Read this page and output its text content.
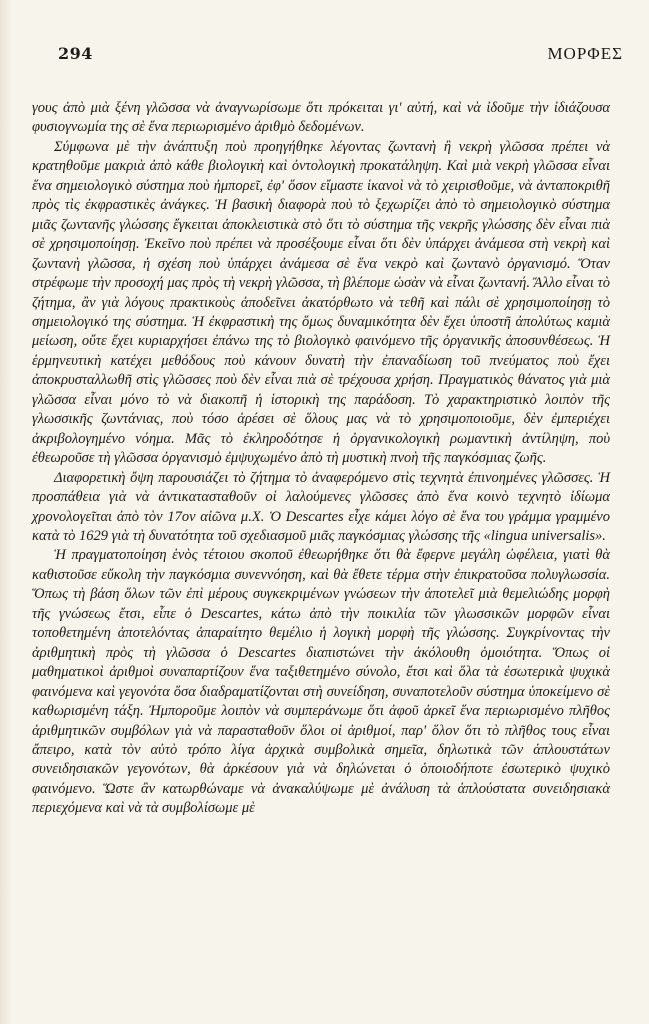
294	ΜΟΡΦΕΣ

γους ἀπὸ μιὰ ξένη γλῶσσα νὰ ἀναγνωρίσωμε ὅτι πρόκειται γι' αὐτή, καὶ νὰ ἰδοῦμε τὴν ἰδιάζουσα φυσιογνωμία της σὲ ἕνα περιωρισμένο ἀριθμὸ δεδομένων.

Σύμφωνα μὲ τὴν ἀνάπτυξη ποὺ προηγήθηκε λέγοντας ζωντανὴ ἢ νεκρὴ γλῶσσα πρέπει νὰ κρατηθοῦμε μακριὰ ἀπὸ κάθε βιολογικὴ καὶ ὀντολογικὴ προκατάληψη. Καὶ μιὰ νεκρὴ γλῶσσα εἶναι ἕνα σημειολογικὸ σύστημα ποὺ ἠμπορεῖ, ἐφ' ὅσον εἴμαστε ἱκανοὶ νὰ τὸ χειρισθοῦμε, νὰ ἀνταποκριθῆ πρὸς τὶς ἐκφραστικὲς ἀνάγκες. Ἡ βασικὴ διαφορὰ ποὺ τὸ ξεχωρίζει ἀπὸ τὸ σημειολογικὸ σύστημα μιᾶς ζωντανῆς γλώσσης ἔγκειται ἀποκλειστικὰ στὸ ὅτι τὸ σύστημα τῆς νεκρῆς γλώσσης δὲν εἶναι πιὰ σὲ χρησιμοποίησῃ. Ἐκεῖνο ποὺ πρέπει νὰ προσέξουμε εἶναι ὅτι δὲν ὑπάρχει ἀνάμεσα στὴ νεκρὴ καὶ ζωντανὴ γλῶσσα, ἡ σχέση ποὺ ὑπάρχει ἀνάμεσα σὲ ἕνα νεκρὸ καὶ ζωντανὸ ὀργανισμό. Ὅταν στρέφωμε τὴν προσοχή μας πρὸς τὴ νεκρὴ γλῶσσα, τὴ βλέπομε ὡσὰν νὰ εἶναι ζωντανή. Ἄλλο εἶναι τὸ ζήτημα, ἂν γιὰ λόγους πρακτικοὺς ἀποδεῖνει ἀκατόρθωτο νὰ τεθῆ καὶ πάλι σὲ χρησιμοποίησῃ τὸ σημειολογικό της σύστημα. Ἡ ἐκφραστικὴ της ὅμως δυναμικότητα δὲν ἔχει ὑποστῆ ἀπολύτως καμιὰ μείωση, οὔτε ἔχει κυριαρχήσει ἐπάνω της τὸ βιολογικὸ φαινόμενο τῆς ὀργανικῆς ἀποσυνθέσεως. Ἡ ἑρμηνευτικὴ κατέχει μεθόδους ποὺ κάνουν δυνατὴ τὴν ἐπαναδίωση τοῦ πνεύματος ποὺ ἔχει ἀποκρυσταλλωθῆ στὶς γλῶσσες ποὺ δὲν εἶναι πιὰ σὲ τρέχουσα χρήση. Πραγματικὸς θάνατος γιὰ μιὰ γλῶσσα εἶναι μόνο τὸ νὰ διακοπῆ ἡ ἱστορικὴ της παράδοση. Τὸ χαρακτηριστικὸ λοιπὸν τῆς γλωσσικῆς ζωντάνιας, ποὺ τόσο ἀρέσει σὲ ὅλους μας νὰ τὸ χρησιμοποιοῦμε, δὲν ἐμπεριέχει ἀκριβολογημένο νόημα. Μᾶς τὸ ἐκληροδότησε ἡ ὀργανικολογικὴ ρωμαντικὴ ἀντίληψη, ποὺ ἐθεωροῦσε τὴ γλῶσσα ὀργανισμὸ ἐμψυχωμένο ἀπὸ τὴ μυστικὴ πνοὴ τῆς παγκόσμιας ζωῆς.

Διαφορετικὴ ὄψη παρουσιάζει τὸ ζήτημα τὸ ἀναφερόμενο στὶς τεχνητὰ ἐπινοημένες γλῶσσες. Ἡ προσπάθεια γιὰ νὰ ἀντικατασταθοῦν οἱ λαλούμενες γλῶσσες ἀπὸ ἕνα κοινὸ τεχνητὸ ἰδίωμα χρονολογεῖται ἀπὸ τὸν 17ον αἰῶνα μ.Χ. Ὁ Descartes εἶχε κάμει λόγο σὲ ἕνα του γράμμα γραμμένο κατὰ τὸ 1629 γιὰ τὴ δυνατότητα τοῦ σχεδιασμοῦ μιᾶς παγκόσμιας γλώσσης τῆς «lingua universalis».

Ἡ πραγματοποίηση ἑνὸς τέτοιου σκοποῦ ἐθεωρήθηκε ὅτι θὰ ἔφερνε μεγάλη ὠφέλεια, γιατὶ θὰ καθιστοῦσε εὔκολη τὴν παγκόσμια συνεννόηση, καὶ θὰ ἔθετε τέρμα στὴν ἐπικρατοῦσα πολυγλωσσία. Ὅπως τὴ βάση ὅλων τῶν ἐπὶ μέρους συγκεκριμένων γνώσεων τὴν ἀποτελεῖ μιὰ θεμελιώδης μορφὴ τῆς γνώσεως ἔτσι, εἶπε ὁ Descartes, κάτω ἀπὸ τὴν ποικιλία τῶν γλωσσικῶν μορφῶν εἶναι τοποθετημένη ἀποτελόντας ἀπαραίτητο θεμέλιο ἡ λογικὴ μορφὴ τῆς γλώσσης. Συγκρίνοντας τὴν ἀριθμητικὴ πρὸς τὴ γλῶσσα ὁ Descartes διαπιστώνει τὴν ἀκόλουθη ὁμοιότητα. Ὅπως οἱ μαθηματικοὶ ἀριθμοὶ συναπαρτίζουν ἕνα ταξιθετημένο σύνολο, ἔτσι καὶ ὅλα τὰ ἐσωτερικὰ ψυχικὰ φαινόμενα καὶ γεγονότα ὅσα διαδραματίζονται στὴ συνείδηση, συναποτελοῦν σύστημα ὑποκείμενο σὲ καθωρισμένη τάξη. Ἠμποροῦμε λοιπὸν νὰ συμπεράνωμε ὅτι ἀφοῦ ἀρκεῖ ἕνα περιωρισμένο πλῆθος ἀριθμητικῶν συμβόλων γιὰ νὰ παρασταθοῦν ὅλοι οἱ ἀριθμοί, παρ' ὅλον ὅτι τὸ πλῆθος τους εἶναι ἄπειρο, κατὰ τὸν αὐτὸ τρόπο λίγα ἀρχικὰ συμβολικὰ σημεῖα, δηλωτικὰ τῶν ἁπλουστάτων συνειδησιακῶν γεγονότων, θὰ ἀρκέσουν γιὰ νὰ δηλώνεται ὁ ὁποιοδήποτε ἐσωτερικὸ ψυχικὸ φαινόμενο. Ὥστε ἂν κατωρθώναμε νὰ ἀνακαλύψωμε μὲ ἀνάλυση τὰ ἁπλούστατα συνειδησιακὰ περιεχόμενα καὶ νὰ τὰ συμβολίσωμε μὲ
